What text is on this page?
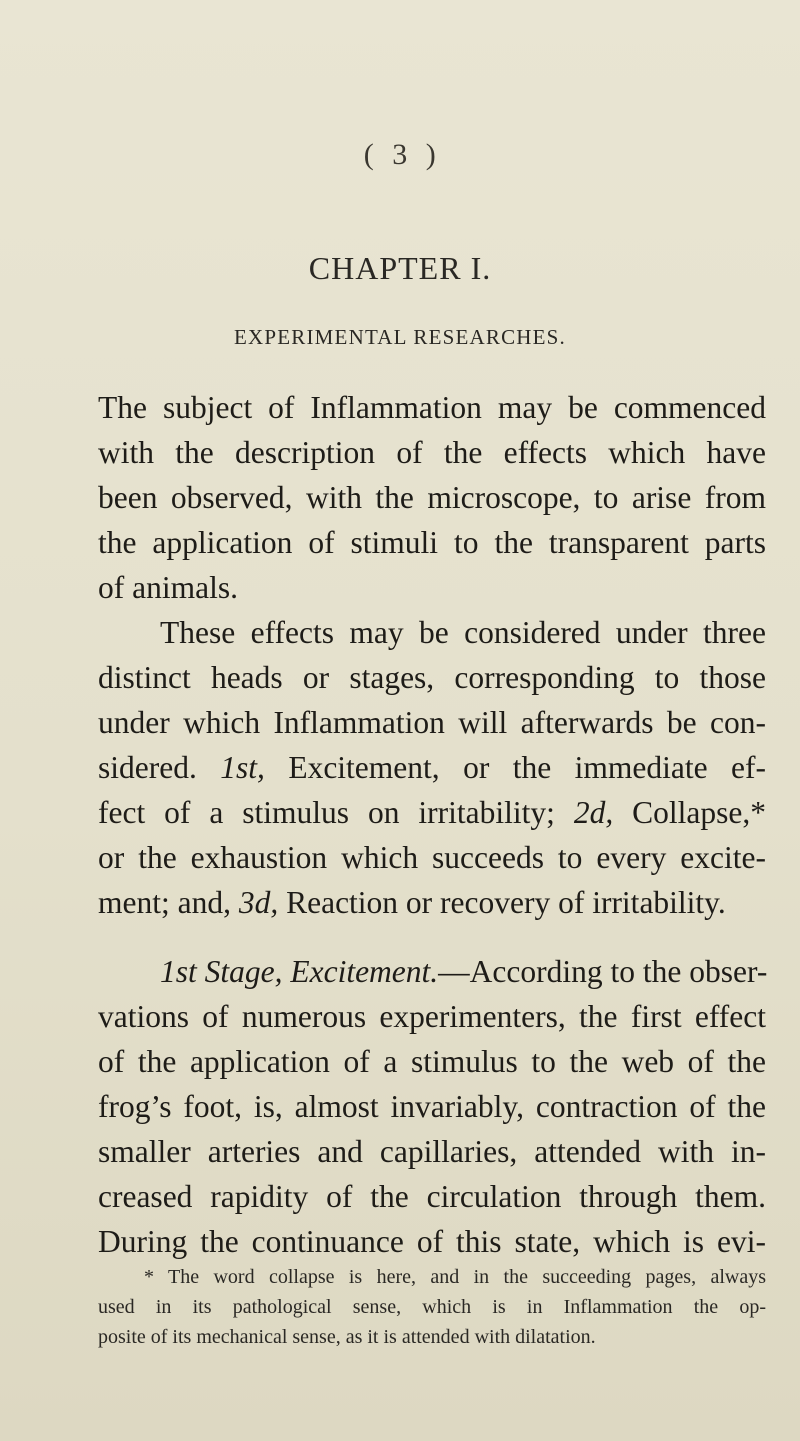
( 3 )
CHAPTER I.
EXPERIMENTAL RESEARCHES.
The subject of Inflammation may be commenced
with the description of the effects which have
been observed, with the microscope, to arise from
the application of stimuli to the transparent parts
of animals.
These effects may be considered under three
distinct heads or stages, corresponding to those
under which Inflammation will afterwards be con-
sidered. 1st, Excitement, or the immediate ef-
fect of a stimulus on irritability; 2d, Collapse,*
or the exhaustion which succeeds to every excite-
ment; and, 3d, Reaction or recovery of irritability.
1st Stage, Excitement.—According to the obser-
vations of numerous experimenters, the first effect
of the application of a stimulus to the web of the
frog’s foot, is, almost invariably, contraction of the
smaller arteries and capillaries, attended with in-
creased rapidity of the circulation through them.
During the continuance of this state, which is evi-
* The word collapse is here, and in the succeeding pages, always
used in its pathological sense, which is in Inflammation the op-
posite of its mechanical sense, as it is attended with dilatation.
